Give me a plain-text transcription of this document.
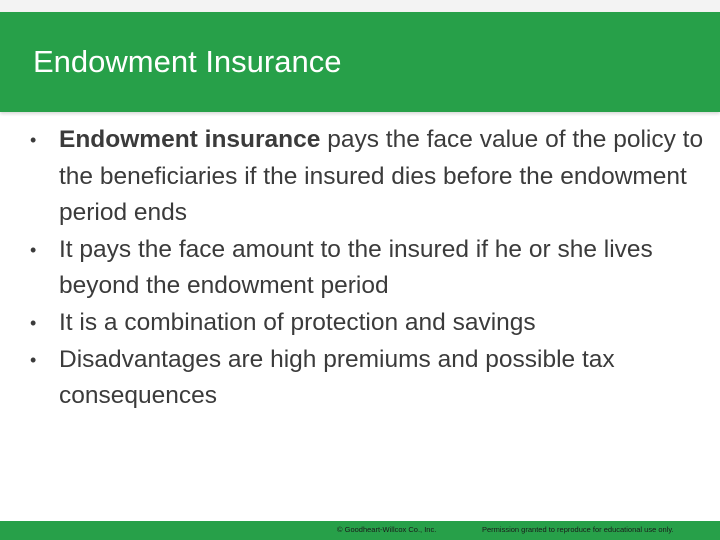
Endowment Insurance
• Endowment insurance pays the face value of the policy to the beneficiaries if the insured dies before the endowment period ends
• It pays the face amount to the insured if he or she lives beyond the endowment period
• It is a combination of protection and savings
• Disadvantages are high premiums and possible tax consequences
© Goodheart-Willcox Co., Inc.	Permission granted to reproduce for educational use only.
